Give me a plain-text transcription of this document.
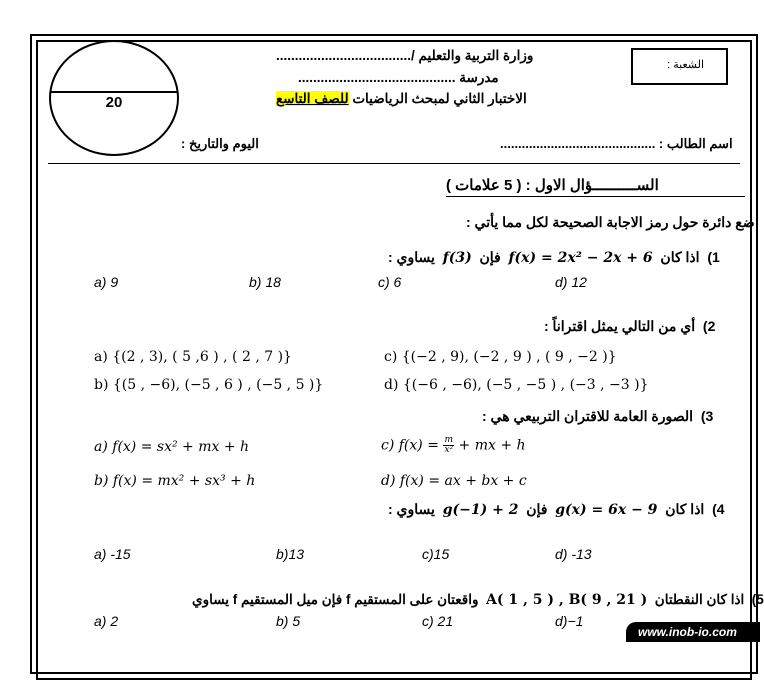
20
وزارة التربية والتعليم /....................................
مدرسة ..........................................
الاختبار الثاني لمبحث الرياضيات للصف التاسع
الشعبة :
اسم الطالب : ...........................................
اليوم والتاريخ :
الســــــــــؤال الاول : ( 5 علامات )
ضع دائرة حول رمز الاجابة الصحيحة لكل مما يأتي :
1)  اذا كان  f(x) = 2x² − 2x + 6  فإن  f(3)  يساوي :
a) 9	b) 18	c) 6	d) 12
2)  أي من التالي يمثل اقتراناً :
a) {(2 , 3), ( 5 ,6 ) , ( 2 , 7 )}	c) {(−2 , 9), (−2 , 9 ) , ( 9 , −2 )}
b) {(5 , −6), (−5 , 6 ) , (−5 , 5 )}	d) {(−6 , −6), (−5 , −5 ) , (−3 , −3 )}
3)  الصورة العامة للاقتران التربيعي هي :
a) f(x) = sx² + mx + h	c) $f(x) = \frac{m}{\text{x²}}$ + mx + h
b) f(x) = mx² + sx³ + h	d) f(x) = ax + bx + c
4)  اذا كان  g(x) = 6x − 9  فإن  g(−1) + 2  يساوي :
a) -15	b)13	c)15	d) -13
5)  اذا كان النقطتان  A( 1 , 5 ) , B( 9 , 21 )  واقعتان على المستقيم f فإن ميل المستقيم f يساوي
a) 2	b) 5	c) 21	d)−1
www.inob-io.com
